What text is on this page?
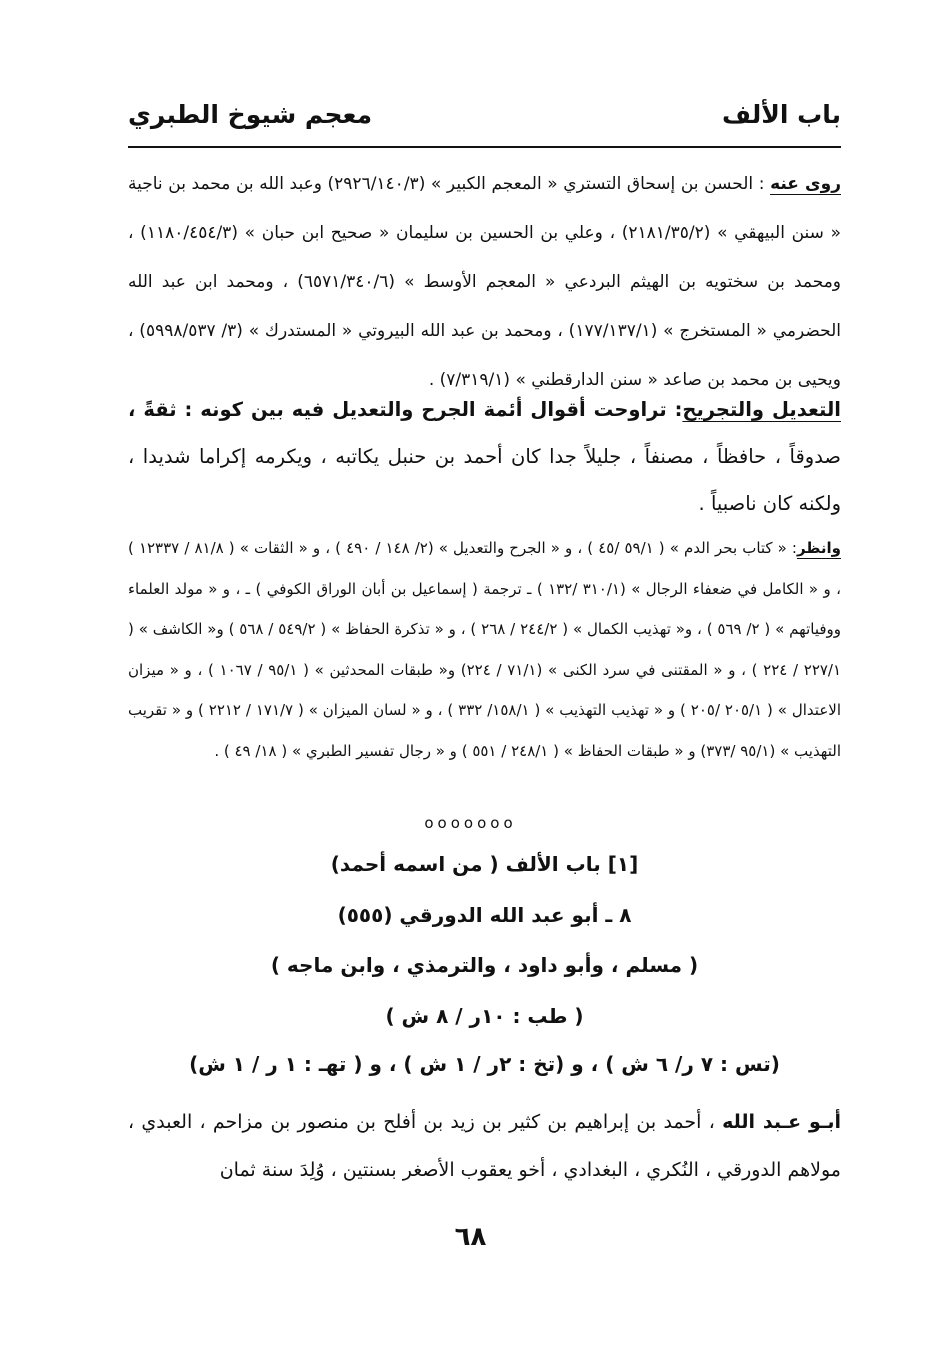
باب الألف
معجم شيوخ الطبري
روى عنه : الحسن بن إسحاق التستري « المعجم الكبير » (٢٩٢٦/١٤٠/٣) وعبد الله بن محمد بن ناجية « سنن البيهقي » (٢١٨١/٣٥/٢) ، وعلي بن الحسين بن سليمان « صحيح ابن حبان » (١١٨٠/٤٥٤/٣) ، ومحمد بن سختويه بن الهيثم البردعي « المعجم الأوسط » (٦٥٧١/٣٤٠/٦) ، ومحمد ابن عبد الله الحضرمي « المستخرج » (١٧٧/١٣٧/١) ، ومحمد بن عبد الله البيروتي « المستدرك » (٣/ ٥٩٩٨/٥٣٧) ، ويحيى بن محمد بن صاعد « سنن الدارقطني » (٧/٣١٩/١) .
التعديل والتجريح: تراوحت أقوال أئمة الجرح والتعديل فيه بين كونه : ثقةً ، صدوقاً ، حافظاً ، مصنفاً ، جليلاً جدا كان أحمد بن حنبل يكاتبه ، ويكرمه إكراما شديدا ، ولكنه كان ناصبياً .
وانظر: « كتاب بحر الدم » ( ٥٩/١ /٤٥ ) ، و « الجرح والتعديل » (٢/ ١٤٨ / ٤٩٠ ) ، و « الثقات » ( ٨١/٨ / ١٢٣٣٧ ) ، و « الكامل في ضعفاء الرجال » (٣١٠/١ /١٣٢ ) ـ ترجمة ( إسماعيل بن أبان الوراق الكوفي ) ـ ، و « مولد العلماء ووفياتهم » ( ٢/ ٥٦٩ ) ، و« تهذيب الكمال » ( ٢٤٤/٢ / ٢٦٨ ) ، و « تذكرة الحفاظ » ( ٥٤٩/٢ / ٥٦٨ ) و« الكاشف » ( ٢٢٧/١ / ٢٢٤ ) ، و « المقتنى في سرد الكنى » (٧١/١ / ٢٢٤) و« طبقات المحدثين » ( ٩٥/١ / ١٠٦٧ ) ، و « ميزان الاعتدال » ( ٢٠٥/١ /٢٠٥ ) و « تهذيب التهذيب » ( ١٥٨/١/ ٣٣٢ ) ، و « لسان الميزان » ( ١٧١/٧ / ٢٢١٢ ) و « تقريب التهذيب » (٩٥/١ /٣٧٣) و « طبقات الحفاظ » ( ٢٤٨/١ / ٥٥١ ) و « رجال تفسير الطبري » ( ١٨/ ٤٩ ) .
ooooooo
[١] باب الألف ( من اسمه أحمد)
٨ ـ أبو عبد الله الدورقي (٥٥٥)
( مسلم ، وأبو داود ، والترمذي ، وابن ماجه )
( طب : ١٠ر / ٨ ش )
(تس : ٧ ر/ ٦ ش ) ، و (تخ : ٢ر / ١ ش ) ، و ( تهـ : ١ ر / ١ ش)
أبـو عـبد الله ، أحمد بن إبراهيم بن كثير بن زيد بن أفلح بن منصور بن مزاحم ، العبدي ، مولاهم الدورقي ، النُكري ، البغدادي ، أخو يعقوب الأصغر بسنتين ، وُلِدَ سنة ثمان
٦٨
